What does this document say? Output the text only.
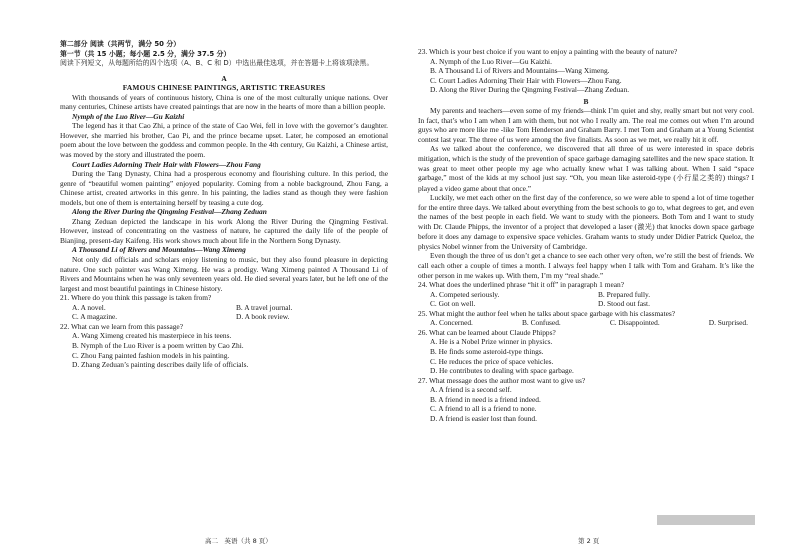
第二部分 阅读（共两节，满分 50 分）
第一节（共 15 小题；每小题 2.5 分，满分 37.5 分）
阅读下列短文，从每题所给的四个选项（A、B、C 和 D）中选出最佳选项，并在答题卡上将该项涂黑。
A
FAMOUS CHINESE PAINTINGS, ARTISTIC TREASURES

With thousands of years of continuous history, China is one of the most culturally unique nations. Over many centuries, Chinese artists have created paintings that are now in the hearts of more than a billion people.

Nymph of the Luo River—Gu Kaizhi

The legend has it that Cao Zhi, a prince of the state of Cao Wei, fell in love with the governor’s daughter. However, she married his brother, Cao Pi, and the prince became upset. Later, he composed an emotional poem about the love between the goddess and common people. In the 4th century, Gu Kaizhi, a Chinese artist, was moved by the story and illustrated the poem.

Court Ladies Adorning Their Hair with Flowers—Zhou Fang

During the Tang Dynasty, China had a prosperous economy and flourishing culture. In this period, the genre of “beautiful women painting” enjoyed popularity. Coming from a noble background, Zhou Fang, a Chinese artist, created artworks in this genre. In his painting, the ladies stand as though they were fashion models, but one of them is entertaining herself by teasing a cute dog.

Along the River During the Qingming Festival—Zhang Zeduan

Zhang Zeduan depicted the landscape in his work Along the River During the Qingming Festival. However, instead of concentrating on the vastness of nature, he captured the daily life of the people of Bianjing, present-day Kaifeng. His work shows much about life in the Northern Song Dynasty.

A Thousand Li of Rivers and Mountains—Wang Ximeng

Not only did officials and scholars enjoy listening to music, but they also found pleasure in depicting nature. One such painter was Wang Ximeng. He was a prodigy. Wang Ximeng painted A Thousand Li of Rivers and Mountains when he was only seventeen years old. He died several years later, but he left one of the largest and most beautiful paintings in Chinese history.

21. Where do you think this passage is taken from?
A. A novel.	B. A travel journal.
C. A magazine.	D. A book review.
22. What can we learn from this passage?
A. Wang Ximeng created his masterpiece in his teens.
B. Nymph of the Luo River is a poem written by Cao Zhi.
C. Zhou Fang painted fashion models in his painting.
D. Zhang Zeduan’s painting describes daily life of officials.
23. Which is your best choice if you want to enjoy a painting with the beauty of nature?
A. Nymph of the Luo River—Gu Kaizhi.
B. A Thousand Li of Rivers and Mountains—Wang Ximeng.
C. Court Ladies Adorning Their Hair with Flowers—Zhou Fang.
D. Along the River During the Qingming Festival—Zhang Zeduan.
B

My parents and teachers—even some of my friends—think I’m quiet and shy, really smart but not very cool. In fact, that’s who I am when I am with them, but not who I really am. The real me comes out when I’m around guys who are more like me -like Tom Henderson and Graham Barry. I met Tom and Graham at a Young Scientist contest last year. The three of us were among the five finalists. As soon as we met, we really hit it off.

As we talked about the conference, we discovered that all three of us were interested in space debris mitigation, which is the study of the prevention of space garbage damaging satellites and the new space station. It was great to meet other people my age who actually knew what I was talking about. When I said “space garbage,” most of the kids at my school just say. “Oh, you mean like asteroid-type (小行星之类的) things? I played a video game about that once.”

Luckily, we met each other on the first day of the conference, so we were able to spend a lot of time together for the entire three days. We talked about everything from the best schools to go to, what degrees to get, and even the names of the best people in each field. We want to study with the pioneers. Both Tom and I want to study with Dr. Claude Phipps, the inventor of a project that developed a laser (激光) that knocks down space garbage before it does any damage to expensive space vehicles. Graham wants to study under Didier Patrick Queloz, the physics Nobel winner from the University of Cambridge.

Even though the three of us don’t get a chance to see each other very often, we’re still the best of friends. We call each other a couple of times a month. I always feel happy when I talk with Tom and Graham. It’s like the other person in me wakes up. With them, I’m my “real shade.”

24. What does the underlined phrase “hit it off” in paragraph 1 mean?
A. Competed seriously.	B. Prepared fully.
C. Got on well.	D. Stood out fast.
25. What might the author feel when he talks about space garbage with his classmates?
A. Concerned.	B. Confused.	C. Disappointed.	D. Surprised.
26. What can be learned about Claude Phipps?
A. He is a Nobel Prize winner in physics.
B. He finds some asteroid-type things.
C. He reduces the price of space vehicles.
D. He contributes to dealing with space garbage.
27. What message does the author most want to give us?
A. A friend is a second self.
B. A friend in need is a friend indeed.
C. A friend to all is a friend to none.
D. A friend is easier lost than found.
高二　英语（共 8 页）	第 2 页
